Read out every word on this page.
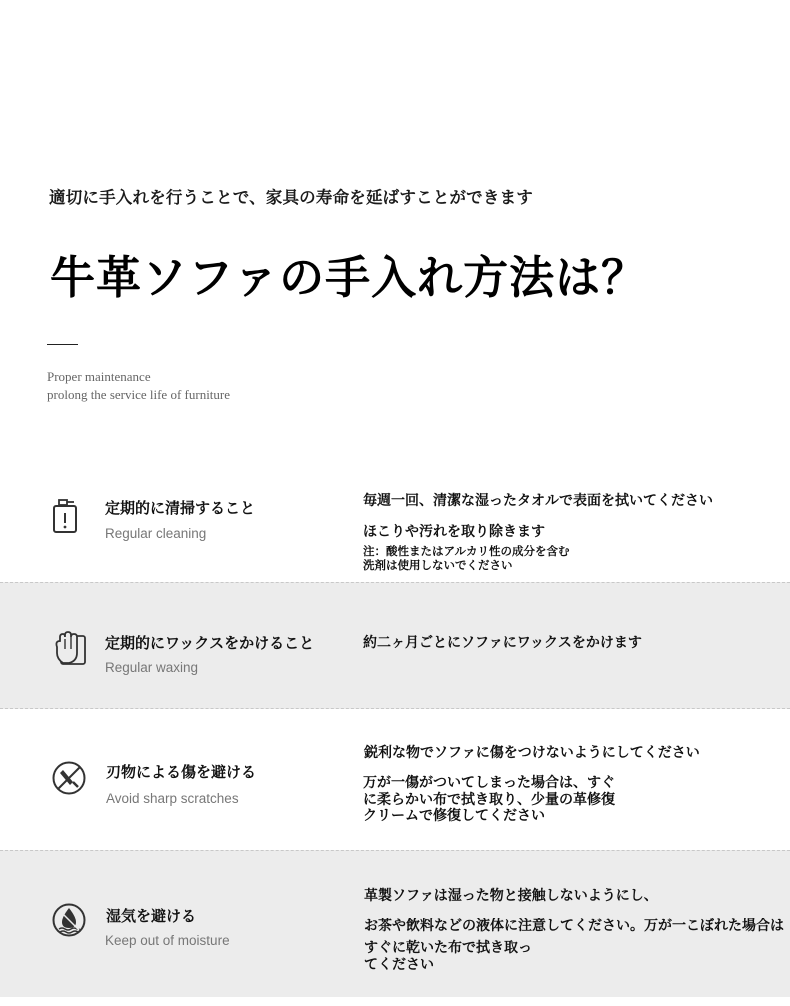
適切に手入れを行うことで、家具の寿命を延ばすことができます
牛革ソファの手入れ方法は？
Proper maintenance
prolong the service life of furniture
定期的に清掃すること
Regular cleaning
毎週一回、清潔な湿ったタオルで表面を拭いてください
ほこりや汚れを取り除きます
注：酸性またはアルカリ性の成分を含む
洗剤は使用しないでください
定期的にワックスをかけること
Regular waxing
約二ヶ月ごとにソファにワックスをかけます
刃物による傷を避ける
Avoid sharp scratches
鋭利な物でソファに傷をつけないようにしてください
万が一傷がついてしまった場合は、すぐ
に柔らかい布で拭き取り、少量の革修復
クリームで修復してください
湿気を避ける
Keep out of moisture
革製ソファは湿った物と接触しないようにし、
お茶や飲料などの液体に注意してください。万が一こぼれた場合は
すぐに乾いた布で拭き取っ
てください
